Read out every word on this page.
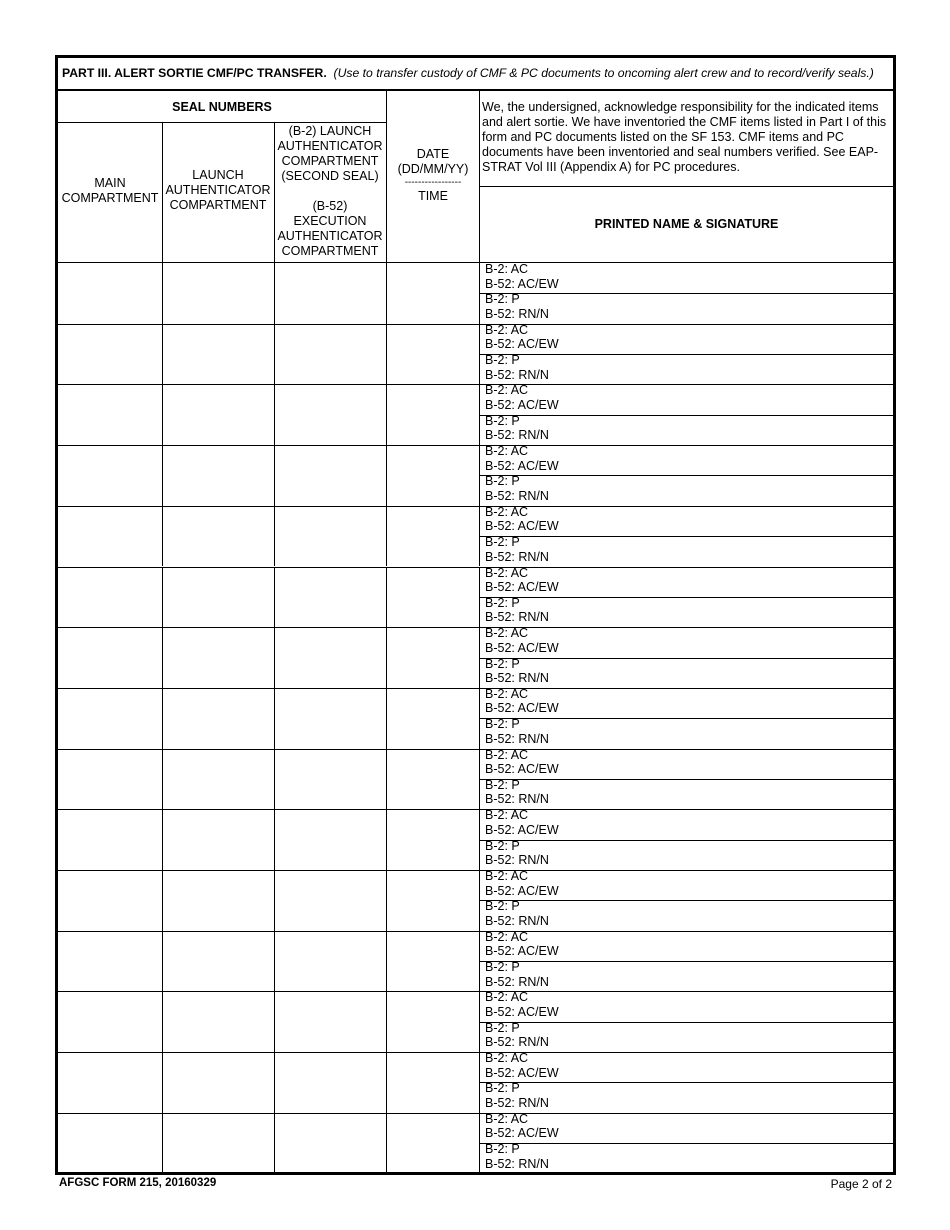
PART III. ALERT SORTIE CMF/PC TRANSFER. (Use to transfer custody of CMF & PC documents to oncoming alert crew and to record/verify seals.)
SEAL NUMBERS
MAIN
COMPARTMENT
LAUNCH
AUTHENTICATOR
COMPARTMENT
(B-2) LAUNCH
AUTHENTICATOR
COMPARTMENT
(SECOND SEAL)
(B-52)
EXECUTION
AUTHENTICATOR
COMPARTMENT
DATE
(DD/MM/YY)
-----------------
TIME
We, the undersigned, acknowledge responsibility for the indicated items and alert sortie. We have inventoried the CMF items listed in Part I of this form and PC documents listed on the SF 153. CMF items and PC documents have been inventoried and seal numbers verified. See EAP-STRAT Vol III (Appendix A) for PC procedures.
PRINTED NAME & SIGNATURE
B-2: AC
B-52: AC/EW
B-2: P
B-52: RN/N
B-2: AC
B-52: AC/EW
B-2: P
B-52: RN/N
B-2: AC
B-52: AC/EW
B-2: P
B-52: RN/N
B-2: AC
B-52: AC/EW
B-2: P
B-52: RN/N
B-2: AC
B-52: AC/EW
B-2: P
B-52: RN/N
B-2: AC
B-52: AC/EW
B-2: P
B-52: RN/N
B-2: AC
B-52: AC/EW
B-2: P
B-52: RN/N
B-2: AC
B-52: AC/EW
B-2: P
B-52: RN/N
B-2: AC
B-52: AC/EW
B-2: P
B-52: RN/N
B-2: AC
B-52: AC/EW
B-2: P
B-52: RN/N
B-2: AC
B-52: AC/EW
B-2: P
B-52: RN/N
B-2: AC
B-52: AC/EW
B-2: P
B-52: RN/N
B-2: AC
B-52: AC/EW
B-2: P
B-52: RN/N
B-2: AC
B-52: AC/EW
B-2: P
B-52: RN/N
B-2: AC
B-52: AC/EW
B-2: P
B-52: RN/N
AFGSC FORM 215, 20160329	Page 2 of 2
